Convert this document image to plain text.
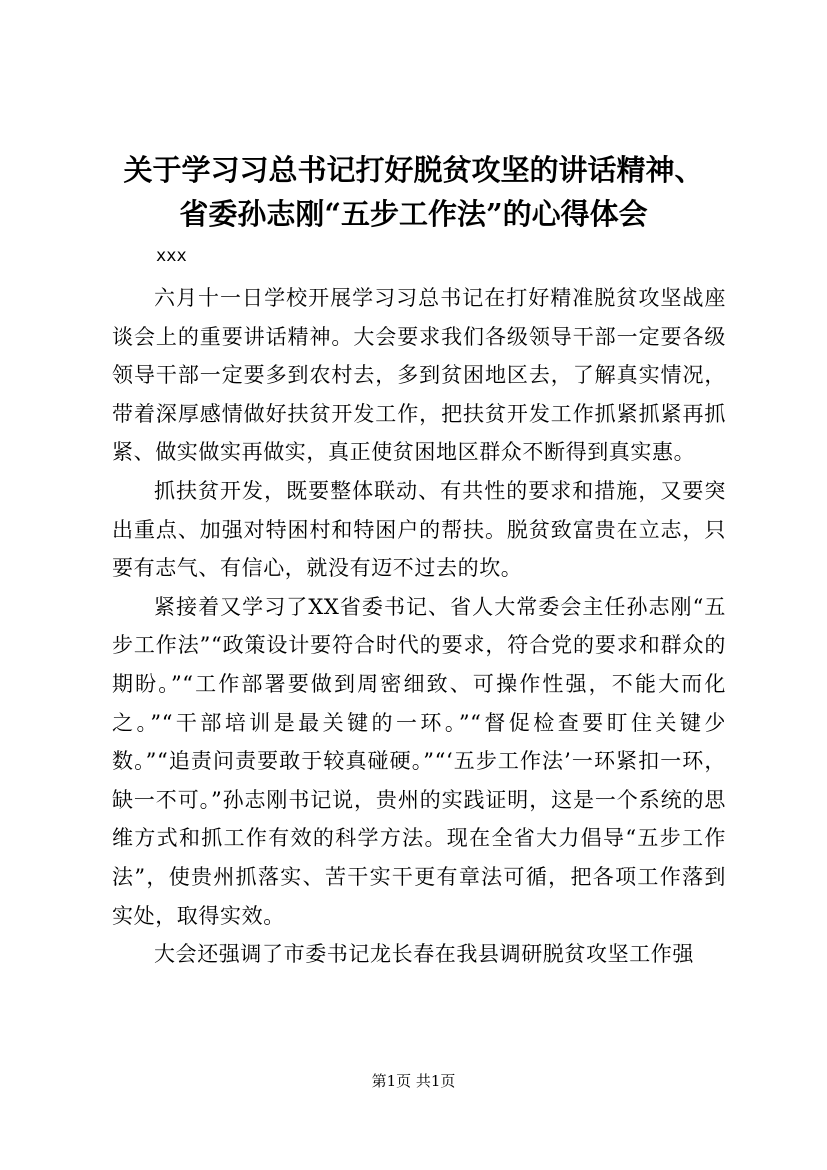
关于学习习总书记打好脱贫攻坚的讲话精神、
省委孙志刚“五步工作法”的心得体会
xxx

六月十一日学校开展学习习总书记在打好精准脱贫攻坚战座谈会上的重要讲话精神。大会要求我们各级领导干部一定要各级领导干部一定要多到农村去，多到贫困地区去，了解真实情况，带着深厚感情做好扶贫开发工作，把扶贫开发工作抓紧抓紧再抓紧、做实做实再做实，真正使贫困地区群众不断得到真实惠。

抓扶贫开发，既要整体联动、有共性的要求和措施，又要突出重点、加强对特困村和特困户的帮扶。脱贫致富贵在立志，只要有志气、有信心，就没有迈不过去的坎。

紧接着又学习了XX省委书记、省人大常委会主任孙志刚“五步工作法”“政策设计要符合时代的要求，符合党的要求和群众的期盼。”“工作部署要做到周密细致、可操作性强，不能大而化之。”“干部培训是最关键的一环。”“督促检查要盯住关键少数。”“追责问责要敢于较真碰硬。”“‘五步工作法’一环紧扣一环，缺一不可。”孙志刚书记说，贵州的实践证明，这是一个系统的思维方式和抓工作有效的科学方法。现在全省大力倡导“五步工作法”，使贵州抓落实、苦干实干更有章法可循，把各项工作落到实处，取得实效。

大会还强调了市委书记龙长春在我县调研脱贫攻坚工作强

第1页 共1页
